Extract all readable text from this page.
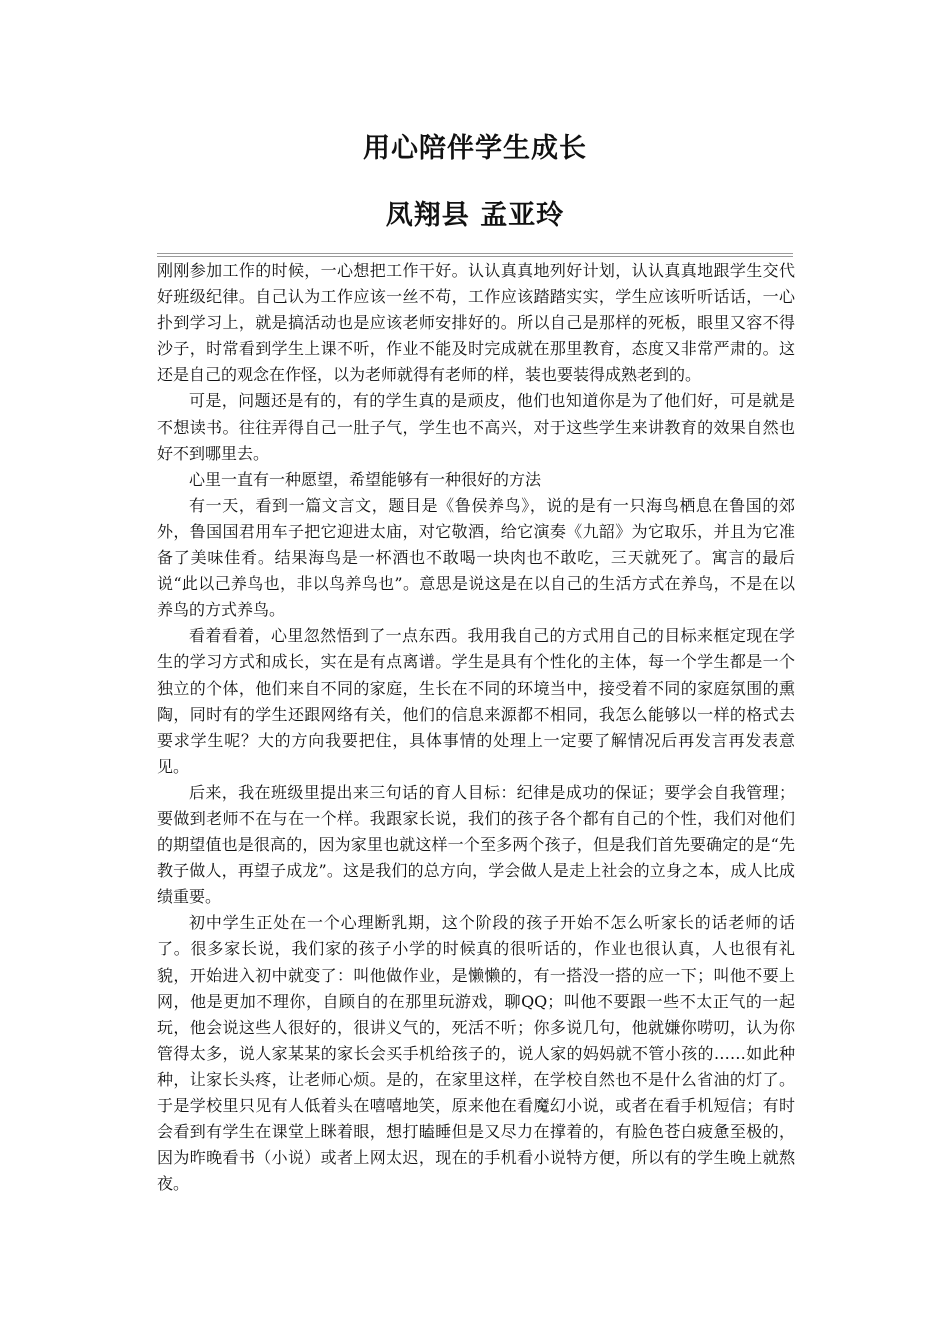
用心陪伴学生成长
凤翔县 孟亚玲

刚刚参加工作的时候，一心想把工作干好。认认真真地列好计划，认认真真地跟学生交代好班级纪律。自己认为工作应该一丝不苟，工作应该踏踏实实，学生应该听听话话，一心扑到学习上，就是搞活动也是应该老师安排好的。所以自己是那样的死板，眼里又容不得沙子，时常看到学生上课不听，作业不能及时完成就在那里教育，态度又非常严肃的。这还是自己的观念在作怪，以为老师就得有老师的样，装也要装得成熟老到的。

可是，问题还是有的，有的学生真的是顽皮，他们也知道你是为了他们好，可是就是不想读书。往往弄得自己一肚子气，学生也不高兴，对于这些学生来讲教育的效果自然也好不到哪里去。

心里一直有一种愿望，希望能够有一种很好的方法

有一天，看到一篇文言文，题目是《鲁侯养鸟》，说的是有一只海鸟栖息在鲁国的郊外，鲁国国君用车子把它迎进太庙，对它敬酒，给它演奏《九韶》为它取乐，并且为它准备了美味佳肴。结果海鸟是一杯酒也不敢喝一块肉也不敢吃，三天就死了。寓言的最后说“此以己养鸟也，非以鸟养鸟也”。意思是说这是在以自己的生活方式在养鸟，不是在以养鸟的方式养鸟。

看着看着，心里忽然悟到了一点东西。我用我自己的方式用自己的目标来框定现在学生的学习方式和成长，实在是有点离谱。学生是具有个性化的主体，每一个学生都是一个独立的个体，他们来自不同的家庭，生长在不同的环境当中，接受着不同的家庭氛围的熏陶，同时有的学生还跟网络有关，他们的信息来源都不相同，我怎么能够以一样的格式去要求学生呢？大的方向我要把住，具体事情的处理上一定要了解情况后再发言再发表意见。

后来，我在班级里提出来三句话的育人目标：纪律是成功的保证；要学会自我管理；要做到老师不在与在一个样。我跟家长说，我们的孩子各个都有自己的个性，我们对他们的期望值也是很高的，因为家里也就这样一个至多两个孩子，但是我们首先要确定的是“先教子做人，再望子成龙”。这是我们的总方向，学会做人是走上社会的立身之本，成人比成绩重要。

初中学生正处在一个心理断乳期，这个阶段的孩子开始不怎么听家长的话老师的话了。很多家长说，我们家的孩子小学的时候真的很听话的，作业也很认真，人也很有礼貌，开始进入初中就变了：叫他做作业，是懒懒的，有一搭没一搭的应一下；叫他不要上网，他是更加不理你，自顾自的在那里玩游戏，聊QQ；叫他不要跟一些不太正气的一起玩，他会说这些人很好的，很讲义气的，死活不听；你多说几句，他就嫌你唠叨，认为你管得太多，说人家某某的家长会买手机给孩子的，说人家的妈妈就不管小孩的……如此种种，让家长头疼，让老师心烦。是的，在家里这样，在学校自然也不是什么省油的灯了。于是学校里只见有人低着头在嘻嘻地笑，原来他在看魔幻小说，或者在看手机短信；有时会看到有学生在课堂上眯着眼，想打瞌睡但是又尽力在撑着的，有脸色苍白疲惫至极的，因为昨晚看书（小说）或者上网太迟，现在的手机看小说特方便，所以有的学生晚上就熬夜。
